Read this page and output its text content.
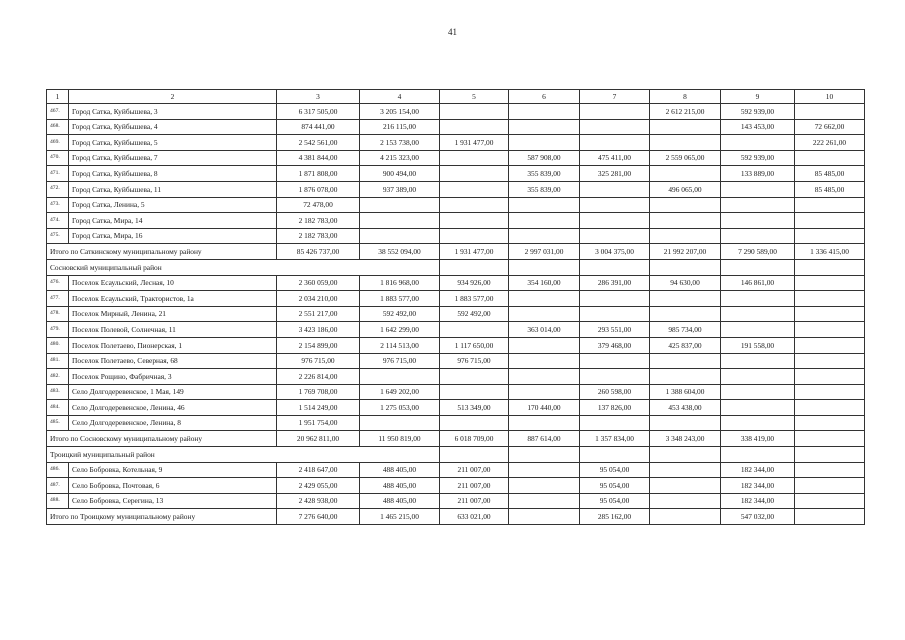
41
1	2	3	4	5	6	7	8	9	10
467.	Город Сатка, Куйбышева, 3	6 317 505,00	3 205 154,00				2 612 215,00	592 939,00	
468.	Город Сатка, Куйбышева, 4	874 441,00	216 115,00					143 453,00	72 662,00
469.	Город Сатка, Куйбышева, 5	2 542 561,00	2 153 738,00	1 931 477,00					222 261,00
470.	Город Сатка, Куйбышева, 7	4 381 844,00	4 215 323,00		587 908,00	475 411,00	2 559 065,00	592 939,00	
471.	Город Сатка, Куйбышева, 8	1 871 808,00	900 494,00		355 839,00	325 281,00		133 889,00	85 485,00
472.	Город Сатка, Куйбышева, 11	1 876 078,00	937 389,00		355 839,00		496 065,00		85 485,00
473.	Город Сатка, Ленина, 5	72 478,00							
474.	Город Сатка, Мира, 14	2 182 783,00							
475.	Город Сатка, Мира, 16	2 182 783,00							
Итого по Саткинскому муниципальному району		85 426 737,00	38 552 094,00	1 931 477,00	2 997 031,00	3 004 375,00	21 992 207,00	7 290 589,00	1 336 415,00
Сосновский муниципальный район									
476.	Поселок Есаульский, Лесная, 10	2 360 059,00	1 816 968,00	934 926,00	354 160,00	286 391,00	94 630,00	146 861,00	
477.	Поселок Есаульский, Трактористов, 1а	2 034 210,00	1 883 577,00	1 883 577,00					
478.	Поселок Мирный, Ленина, 21	2 551 217,00	592 492,00	592 492,00					
479.	Поселок Полевой, Солнечная, 11	3 423 186,00	1 642 299,00		363 014,00	293 551,00	985 734,00		
480.	Поселок Полетаево, Пионерская, 1	2 154 899,00	2 114 513,00	1 117 650,00		379 468,00	425 837,00	191 558,00	
481.	Поселок Полетаево, Северная, 68	976 715,00	976 715,00	976 715,00					
482.	Поселок Рощино, Фабричная, 3	2 226 814,00							
483.	Село Долгодеревенское, 1 Мая, 149	1 769 708,00	1 649 202,00			260 598,00	1 388 604,00		
484.	Село Долгодеревенское, Ленина, 46	1 514 249,00	1 275 053,00	513 349,00	170 440,00	137 826,00	453 438,00		
485.	Село Долгодеревенское, Ленина, 8	1 951 754,00							
Итого по Сосновскому муниципальному району		20 962 811,00	11 950 819,00	6 018 709,00	887 614,00	1 357 834,00	3 348 243,00	338 419,00	
Троицкий муниципальный район									
486.	Село Бобровка, Котельная, 9	2 418 647,00	488 405,00	211 007,00		95 054,00		182 344,00	
487.	Село Бобровка, Почтовая, 6	2 429 055,00	488 405,00	211 007,00		95 054,00		182 344,00	
488.	Село Бобровка, Серегина, 13	2 428 938,00	488 405,00	211 007,00		95 054,00		182 344,00	
Итого по Троицкому муниципальному району		7 276 640,00	1 465 215,00	633 021,00		285 162,00		547 032,00	
